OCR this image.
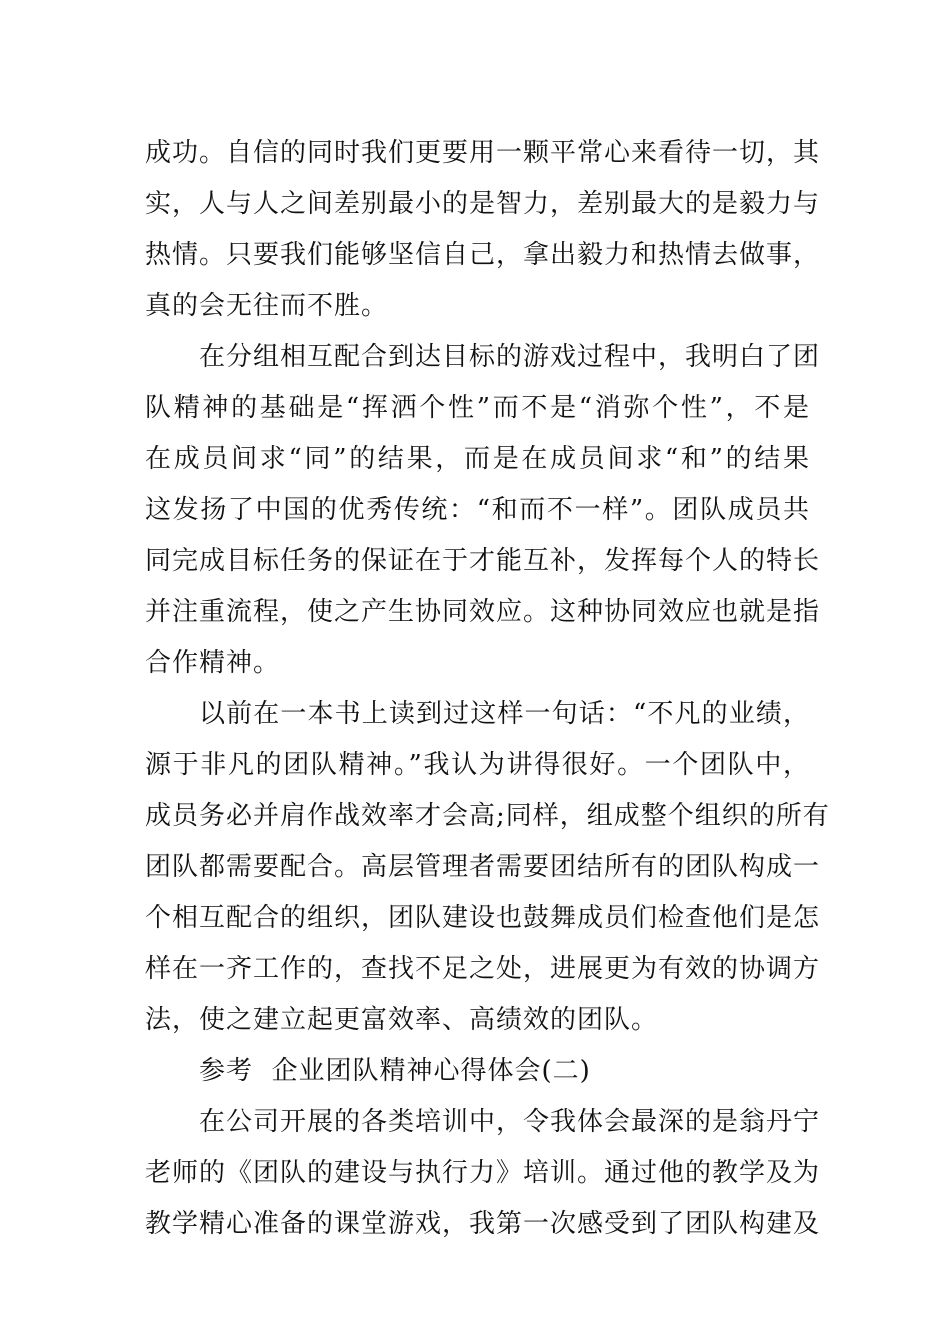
成功。自信的同时我们更要用一颗平常心来看待一切，其
实，人与人之间差别最小的是智力，差别最大的是毅力与
热情。只要我们能够坚信自己，拿出毅力和热情去做事，
真的会无往而不胜。
在分组相互配合到达目标的游戏过程中，我明白了团
队精神的基础是“挥洒个性”而不是“消弥个性”，不是
在成员间求“同”的结果，而是在成员间求“和”的结果
这发扬了中国的优秀传统：“和而不一样”。团队成员共
同完成目标任务的保证在于才能互补，发挥每个人的特长
并注重流程，使之产生协同效应。这种协同效应也就是指
合作精神。
以前在一本书上读到过这样一句话：“不凡的业绩，
源于非凡的团队精神。”我认为讲得很好。一个团队中，
成员务必并肩作战效率才会高;同样，组成整个组织的所有
团队都需要配合。高层管理者需要团结所有的团队构成一
个相互配合的组织，团队建设也鼓舞成员们检查他们是怎
样在一齐工作的，查找不足之处，进展更为有效的协调方
法，使之建立起更富效率、高绩效的团队。
参考  企业团队精神心得体会(二)
在公司开展的各类培训中，令我体会最深的是翁丹宁
老师的《团队的建设与执行力》培训。通过他的教学及为
教学精心准备的课堂游戏，我第一次感受到了团队构建及
